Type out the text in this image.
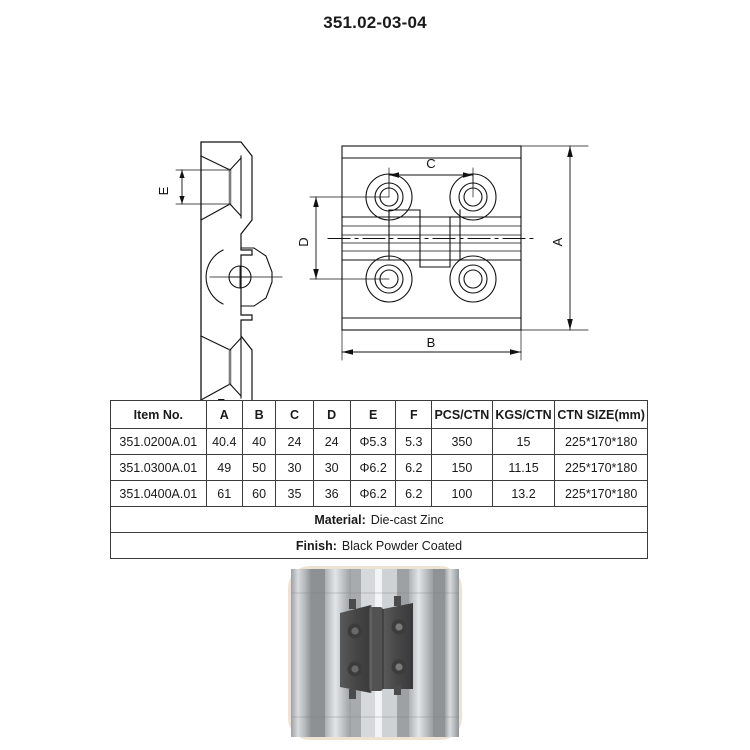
351.02-03-04
E
C
D	A
B
Item No.	A	B	C	D	E	F	PCS/CTN	KGS/CTN	CTN SIZE(mm)
351.0200A.01	40.4	40	24	24	Φ5.3	5.3	350	15	225*170*180
351.0300A.01	49	50	30	30	Φ6.2	6.2	150	11.15	225*170*180
351.0400A.01	61	60	35	36	Φ6.2	6.2	100	13.2	225*170*180
Material: Die-cast Zinc									
Finish: Black Powder Coated									
